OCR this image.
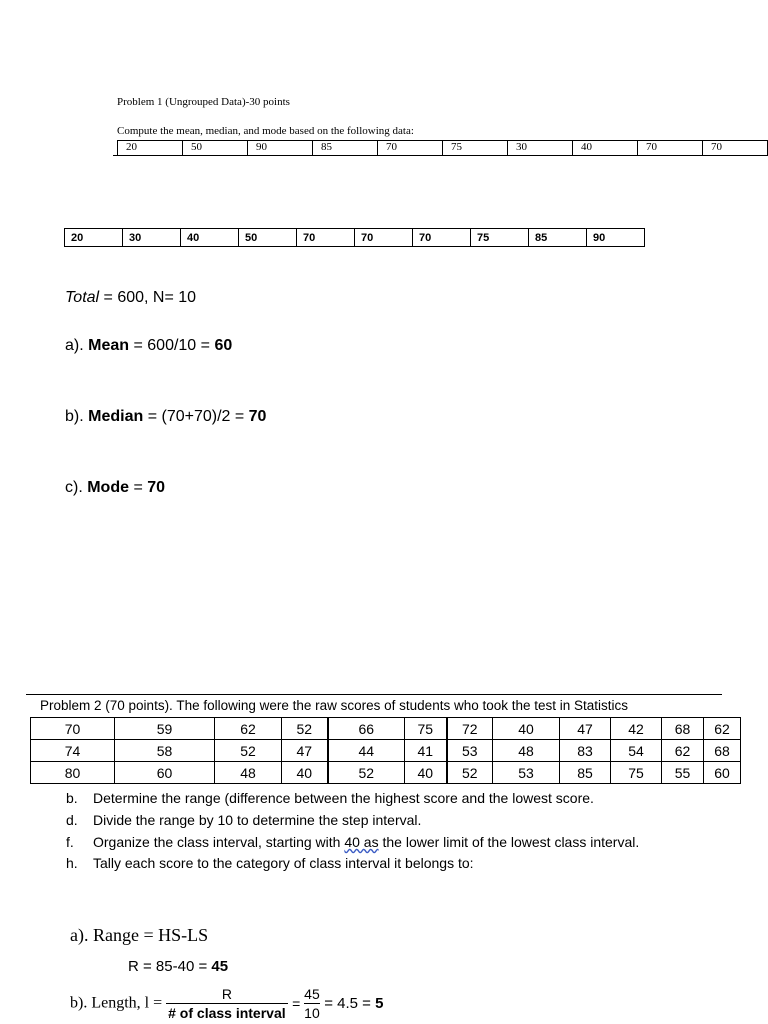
Problem 1 (Ungrouped Data)-30 points
Compute the mean, median, and mode based on the following data:
20	50	90	85	70	75	30	40	70	70
20	30	40	50	70	70	70	75	85	90
Total = 600, N= 10
a). Mean = 600/10 = 60
b). Median = (70+70)/2 = 70
c). Mode = 70
Problem 2 (70 points). The following were the raw scores of students who took the test in Statistics
70	59	62	52	66	75	72	40	47	42	68	62
74	58	52	47	44	41	53	48	83	54	62	68
80	60	48	40	52	40	52	53	85	75	55	60
b. Determine the range (difference between the highest score and the lowest score.
d. Divide the range by 10 to determine the step interval.
f. Organize the class interval, starting with 40 as the lower limit of the lowest class interval.
h. Tally each score to the category of class interval it belongs to:
a). Range = HS-LS
R = 85-40 = 45
b). Length, l =
R
# of class interval
= $\frac{45}{10} = 4.5 = 5$
